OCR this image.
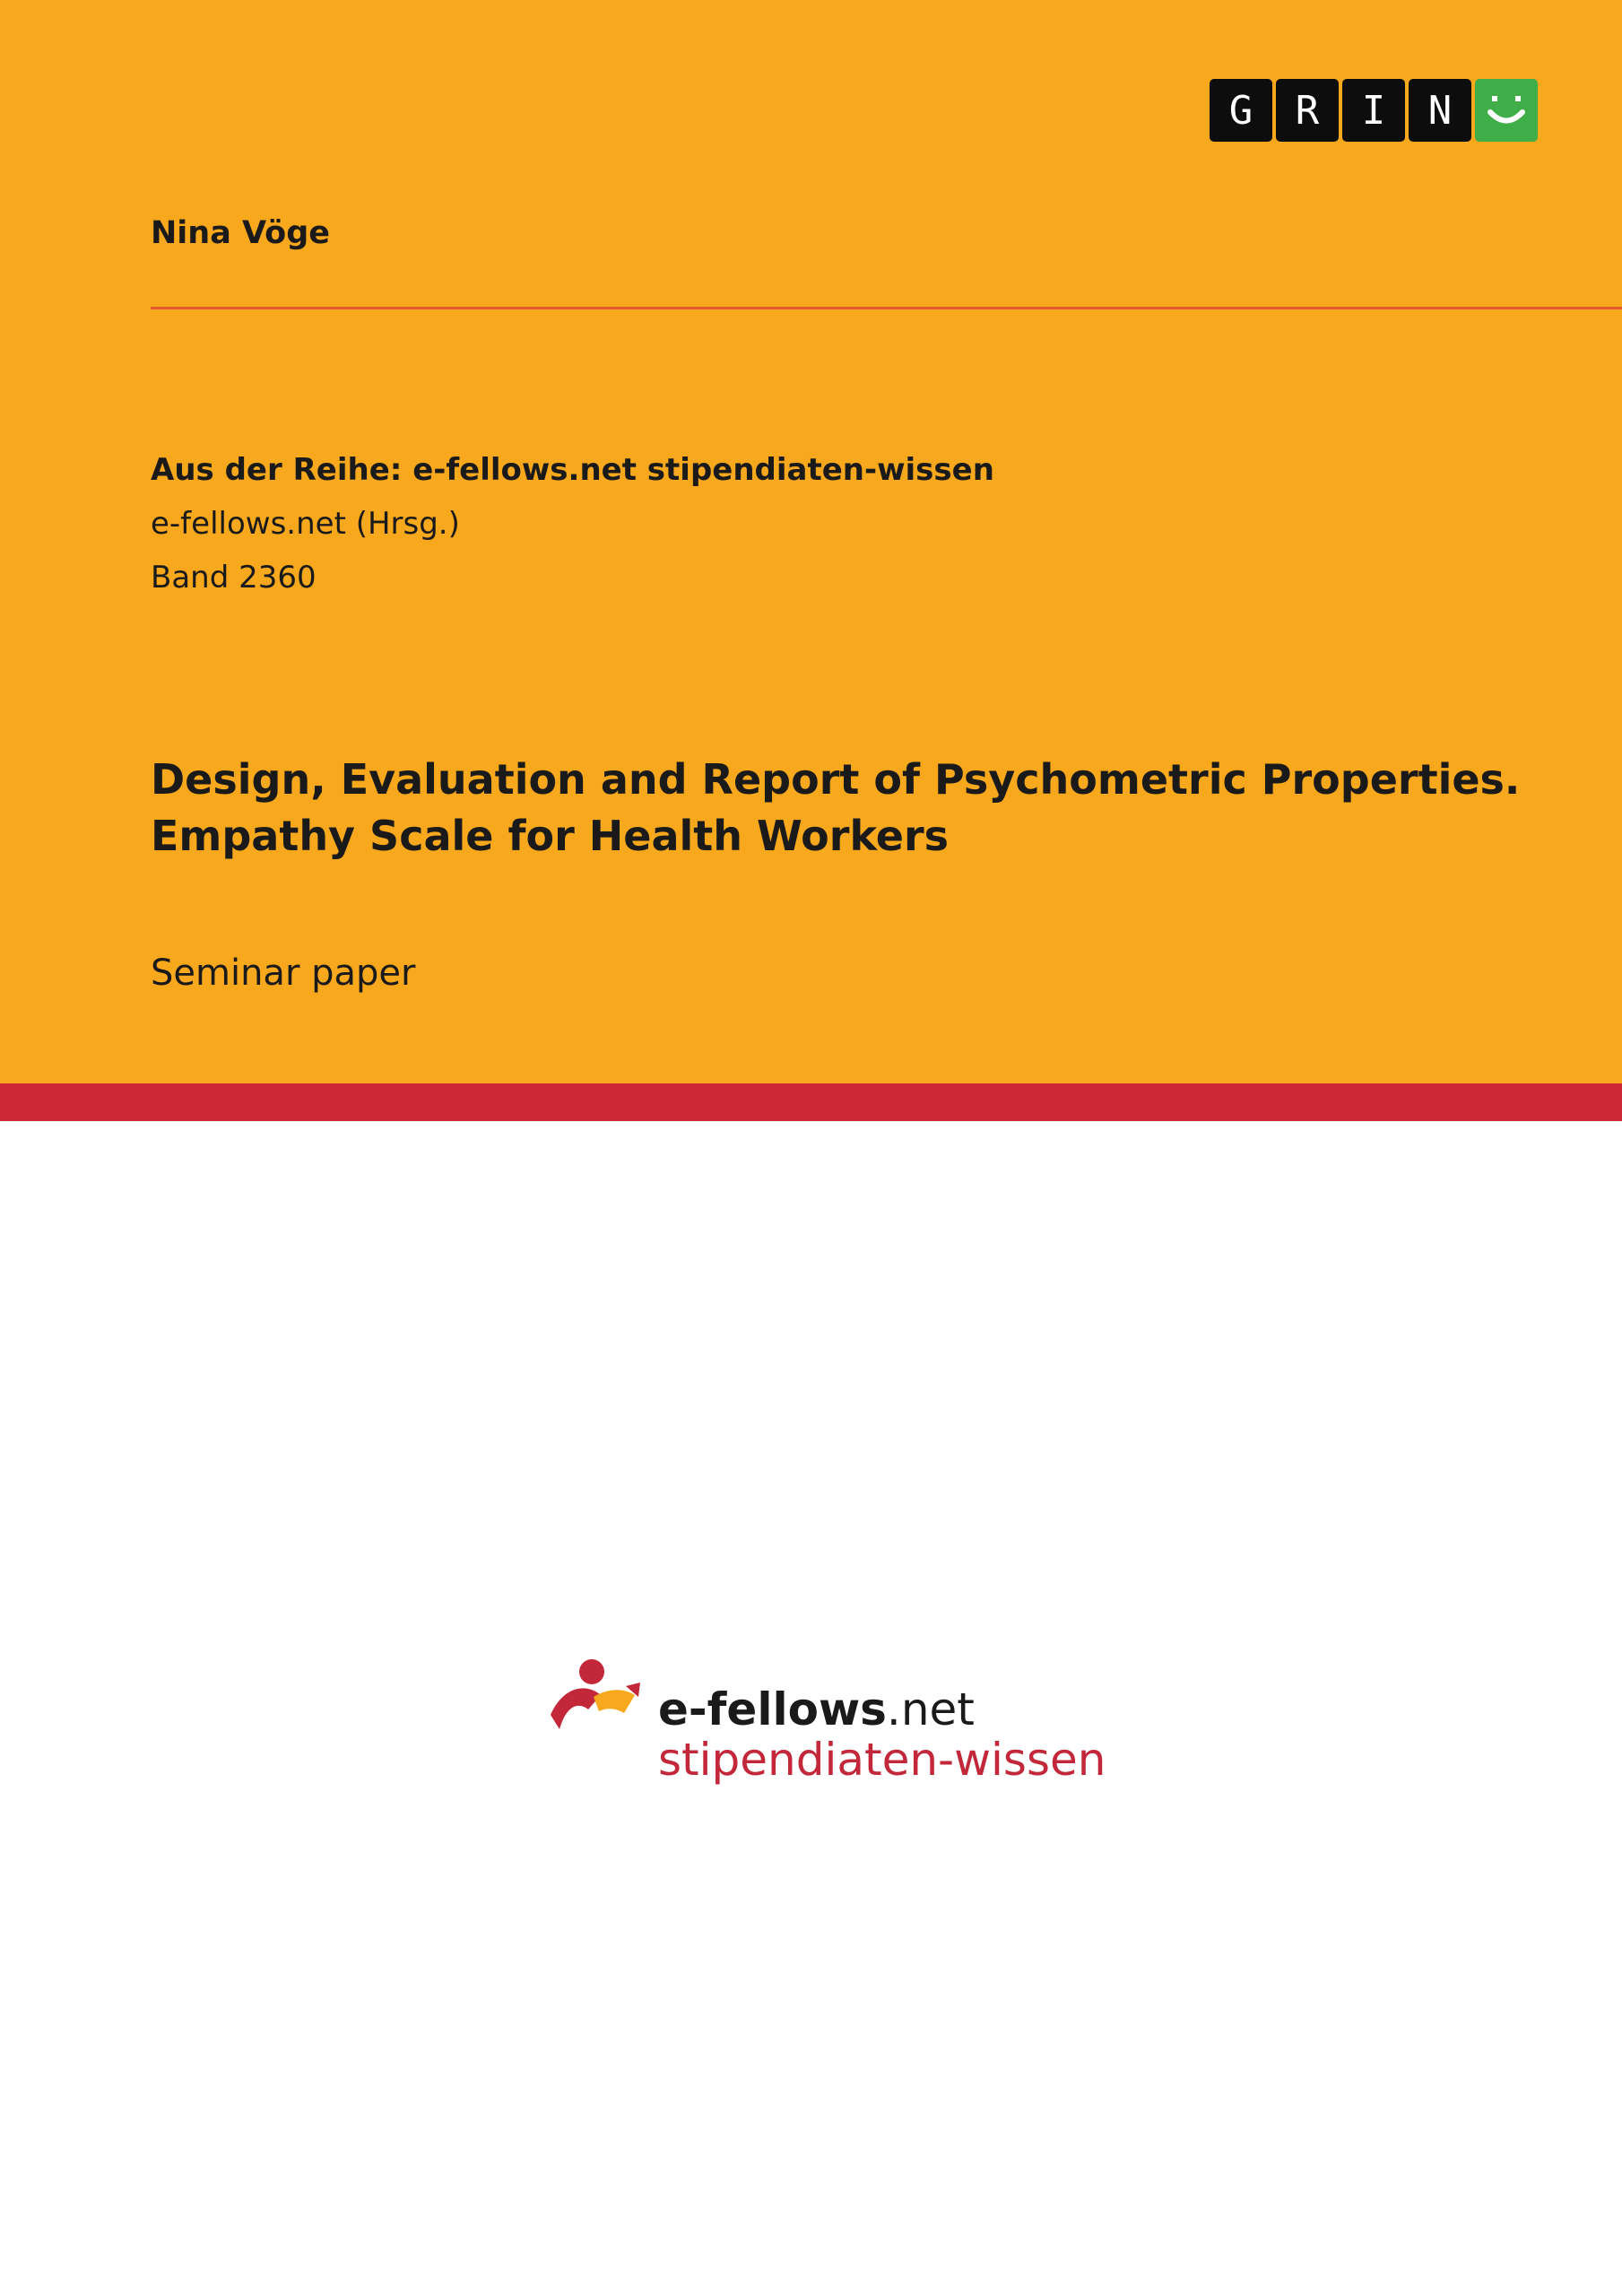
G	R	I	N
Nina Vöge
Aus der Reihe: e-fellows.net stipendiaten-wissen
e-fellows.net (Hrsg.)
Band 2360
Design, Evaluation and Report of Psychometric Properties.
Empathy Scale for Health Workers
Seminar paper
e-fellows.net
stipendiaten-wissen
